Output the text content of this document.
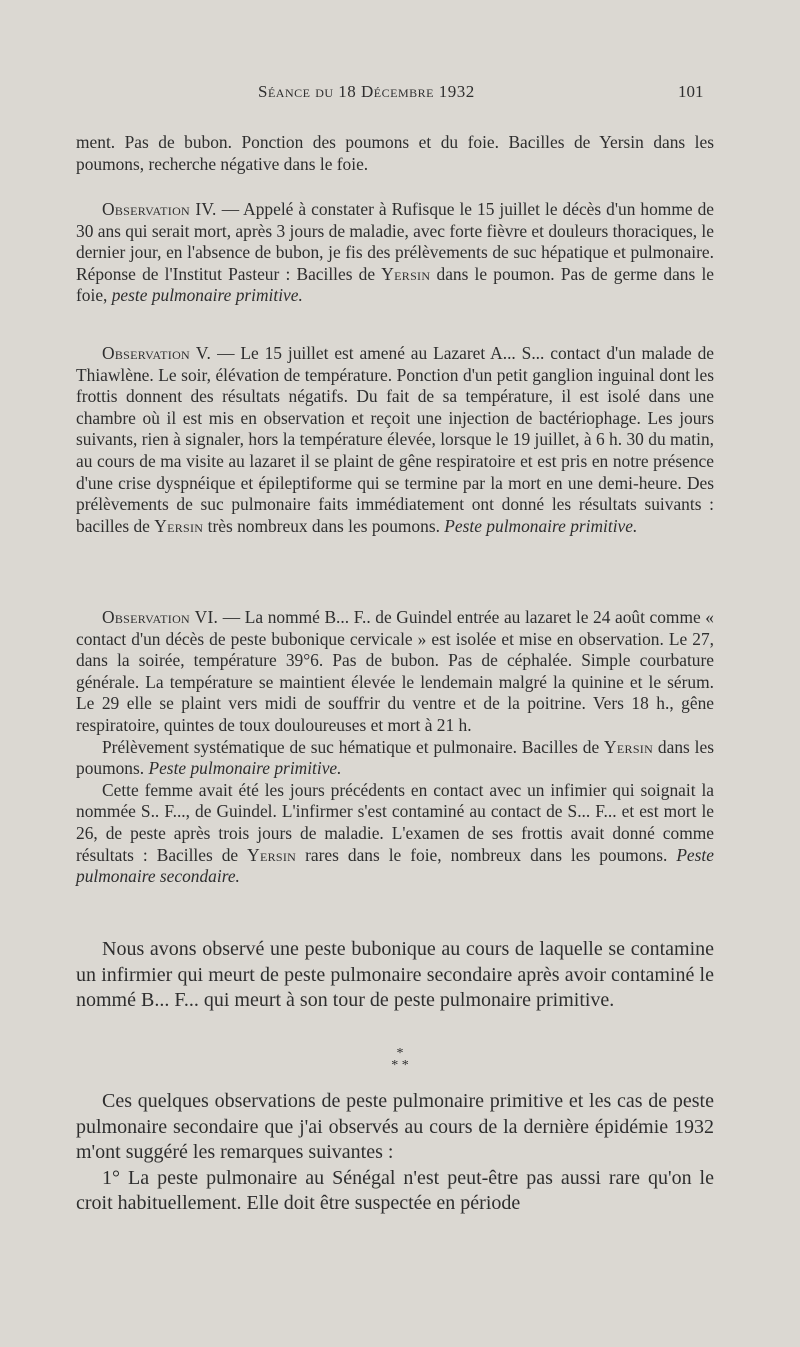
Séance du 18 Décembre 1932	101

ment. Pas de bubon. Ponction des poumons et du foie. Bacilles de Yersin dans les poumons, recherche négative dans le foie.

Observation IV. — Appelé à constater à Rufisque le 15 juillet le décès d'un homme de 30 ans qui serait mort, après 3 jours de maladie, avec forte fièvre et douleurs thoraciques, le dernier jour, en l'absence de bubon, je fis des prélèvements de suc hépatique et pulmonaire. Réponse de l'Institut Pasteur : Bacilles de Yersin dans le poumon. Pas de germe dans le foie, peste pulmonaire primitive.

Observation V. — Le 15 juillet est amené au Lazaret A... S... contact d'un malade de Thiawlène. Le soir, élévation de température. Ponction d'un petit ganglion inguinal dont les frottis donnent des résultats négatifs. Du fait de sa température, il est isolé dans une chambre où il est mis en observation et reçoit une injection de bactériophage. Les jours suivants, rien à signaler, hors la température élevée, lorsque le 19 juillet, à 6 h. 30 du matin, au cours de ma visite au lazaret il se plaint de gêne respiratoire et est pris en notre présence d'une crise dyspnéique et épileptiforme qui se termine par la mort en une demi-heure. Des prélèvements de suc pulmonaire faits immédiatement ont donné les résultats suivants : bacilles de Yersin très nombreux dans les poumons. Peste pulmonaire primitive.

Observation VI. — La nommé B... F.. de Guindel entrée au lazaret le 24 août comme « contact d'un décès de peste bubonique cervicale » est isolée et mise en observation. Le 27, dans la soirée, température 39°6. Pas de bubon. Pas de céphalée. Simple courbature générale. La température se maintient élevée le lendemain malgré la quinine et le sérum. Le 29 elle se plaint vers midi de souffrir du ventre et de la poitrine. Vers 18 h., gêne respiratoire, quintes de toux douloureuses et mort à 21 h.

Prélèvement systématique de suc hématique et pulmonaire. Bacilles de Yersin dans les poumons. Peste pulmonaire primitive.

Cette femme avait été les jours précédents en contact avec un infimier qui soignait la nommée S.. F..., de Guindel. L'infirmer s'est contaminé au contact de S... F... et est mort le 26, de peste après trois jours de maladie. L'examen de ses frottis avait donné comme résultats : Bacilles de Yersin rares dans le foie, nombreux dans les poumons. Peste pulmonaire secondaire.

Nous avons observé une peste bubonique au cours de laquelle se contamine un infirmier qui meurt de peste pulmonaire secondaire après avoir contaminé le nommé B... F... qui meurt à son tour de peste pulmonaire primitive.

*
* *

Ces quelques observations de peste pulmonaire primitive et les cas de peste pulmonaire secondaire que j'ai observés au cours de la dernière épidémie 1932 m'ont suggéré les remarques suivantes :

1° La peste pulmonaire au Sénégal n'est peut-être pas aussi rare qu'on le croit habituellement. Elle doit être suspectée en période
